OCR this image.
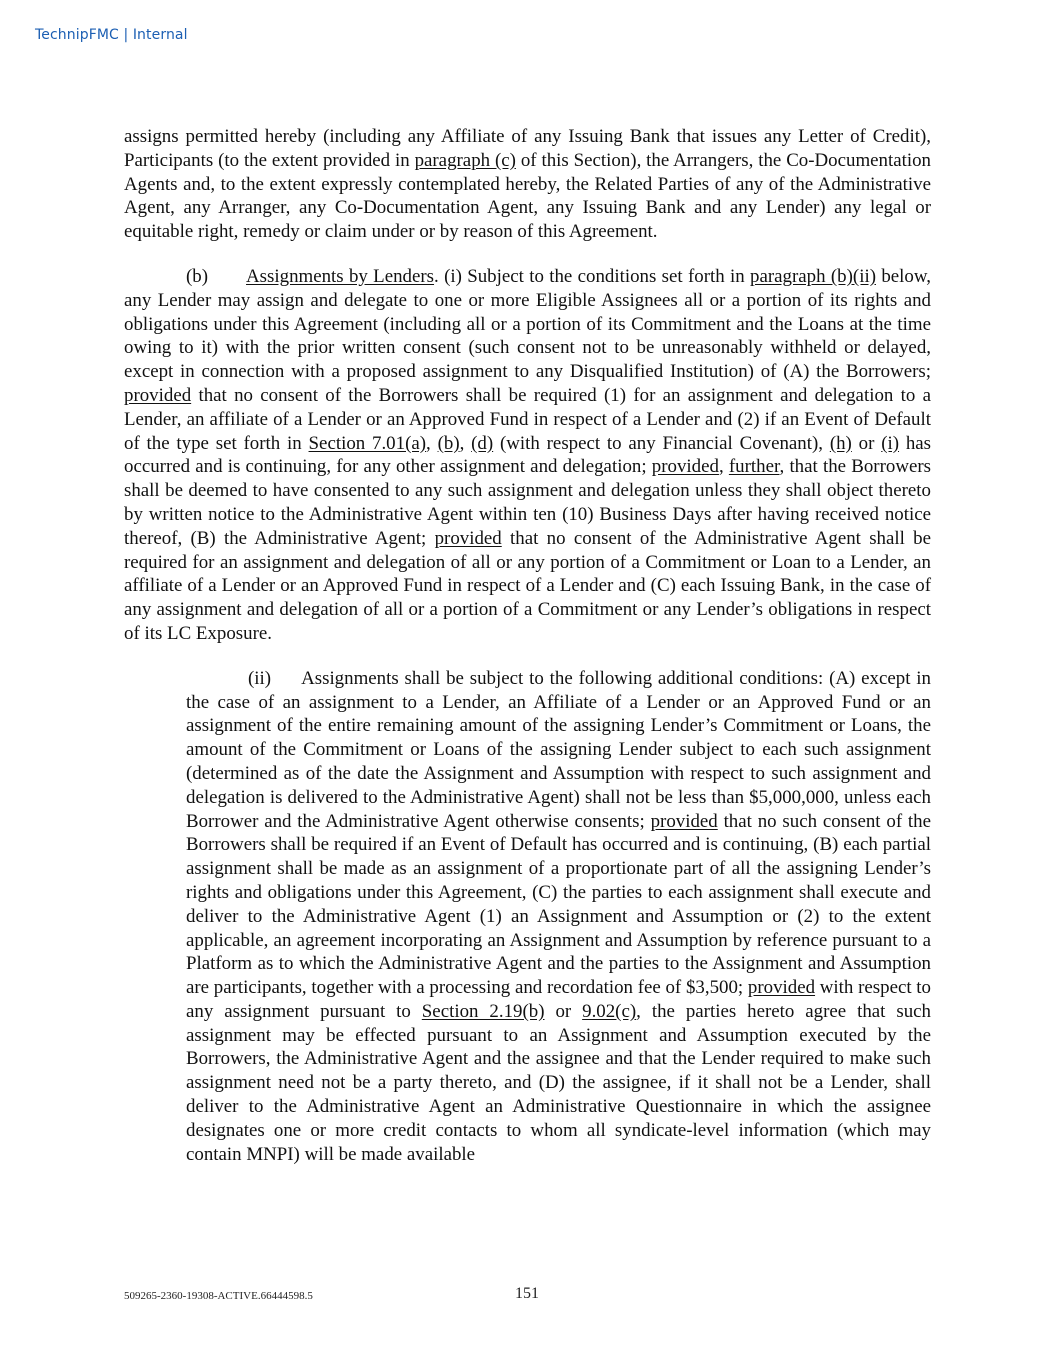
TechnipFMC | Internal

assigns permitted hereby (including any Affiliate of any Issuing Bank that issues any Letter of Credit), Participants (to the extent provided in paragraph (c) of this Section), the Arrangers, the Co-Documentation Agents and, to the extent expressly contemplated hereby, the Related Parties of any of the Administrative Agent, any Arranger, any Co-Documentation Agent, any Issuing Bank and any Lender) any legal or equitable right, remedy or claim under or by reason of this Agreement.

(b) Assignments by Lenders. (i) Subject to the conditions set forth in paragraph (b)(ii) below, any Lender may assign and delegate to one or more Eligible Assignees all or a portion of its rights and obligations under this Agreement (including all or a portion of its Commitment and the Loans at the time owing to it) with the prior written consent (such consent not to be unreasonably withheld or delayed, except in connection with a proposed assignment to any Disqualified Institution) of (A) the Borrowers; provided that no consent of the Borrowers shall be required (1) for an assignment and delegation to a Lender, an affiliate of a Lender or an Approved Fund in respect of a Lender and (2) if an Event of Default of the type set forth in Section 7.01(a), (b), (d) (with respect to any Financial Covenant), (h) or (i) has occurred and is continuing, for any other assignment and delegation; provided, further, that the Borrowers shall be deemed to have consented to any such assignment and delegation unless they shall object thereto by written notice to the Administrative Agent within ten (10) Business Days after having received notice thereof, (B) the Administrative Agent; provided that no consent of the Administrative Agent shall be required for an assignment and delegation of all or any portion of a Commitment or Loan to a Lender, an affiliate of a Lender or an Approved Fund in respect of a Lender and (C) each Issuing Bank, in the case of any assignment and delegation of all or a portion of a Commitment or any Lender’s obligations in respect of its LC Exposure.

(ii) Assignments shall be subject to the following additional conditions: (A) except in the case of an assignment to a Lender, an Affiliate of a Lender or an Approved Fund or an assignment of the entire remaining amount of the assigning Lender’s Commitment or Loans, the amount of the Commitment or Loans of the assigning Lender subject to each such assignment (determined as of the date the Assignment and Assumption with respect to such assignment and delegation is delivered to the Administrative Agent) shall not be less than $5,000,000, unless each Borrower and the Administrative Agent otherwise consents; provided that no such consent of the Borrowers shall be required if an Event of Default has occurred and is continuing, (B) each partial assignment shall be made as an assignment of a proportionate part of all the assigning Lender’s rights and obligations under this Agreement, (C) the parties to each assignment shall execute and deliver to the Administrative Agent (1) an Assignment and Assumption or (2) to the extent applicable, an agreement incorporating an Assignment and Assumption by reference pursuant to a Platform as to which the Administrative Agent and the parties to the Assignment and Assumption are participants, together with a processing and recordation fee of $3,500; provided with respect to any assignment pursuant to Section 2.19(b) or 9.02(c), the parties hereto agree that such assignment may be effected pursuant to an Assignment and Assumption executed by the Borrowers, the Administrative Agent and the assignee and that the Lender required to make such assignment need not be a party thereto, and (D) the assignee, if it shall not be a Lender, shall deliver to the Administrative Agent an Administrative Questionnaire in which the assignee designates one or more credit contacts to whom all syndicate-level information (which may contain MNPI) will be made available

509265-2360-19308-ACTIVE.66444598.5	151
